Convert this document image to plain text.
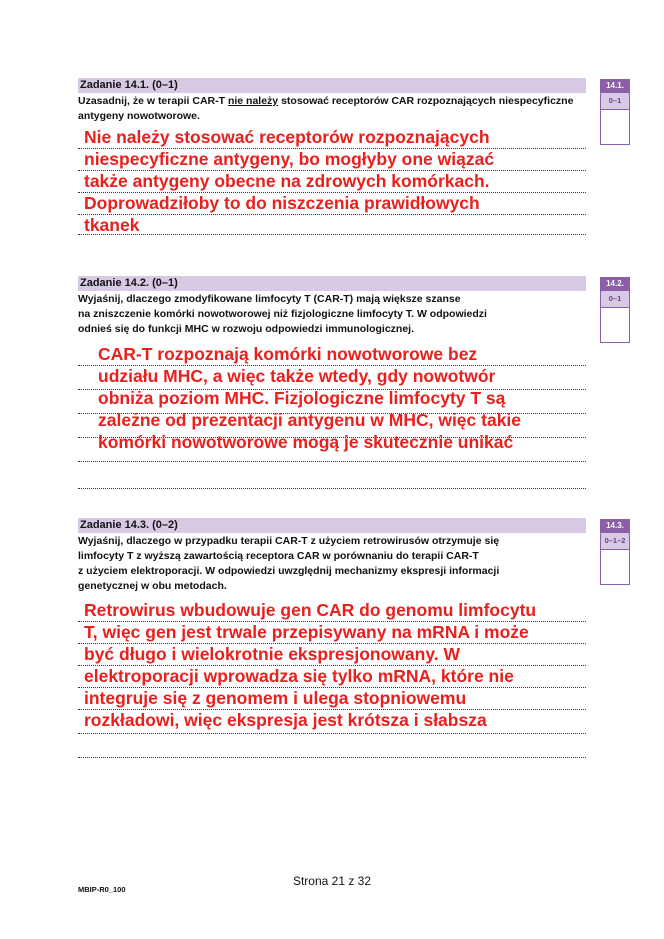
Zadanie 14.1. (0–1)
Uzasadnij, że w terapii CAR-T nie należy stosować receptorów CAR rozpoznających niespecyficzne antygeny nowotworowe.
Nie należy stosować receptorów rozpoznających
niespecyficzne antygeny, bo mogłyby one wiązać
także antygeny obecne na zdrowych komórkach.
Doprowadziłoby to do niszczenia prawidłowych
tkanek
14.1.
0–1
Zadanie 14.2. (0–1)
Wyjaśnij, dlaczego zmodyfikowane limfocyty T (CAR-T) mają większe szanse
na zniszczenie komórki nowotworowej niż fizjologiczne limfocyty T. W odpowiedzi
odnieś się do funkcji MHC w rozwoju odpowiedzi immunologicznej.
CAR-T rozpoznają komórki nowotworowe bez
udziału MHC, a więc także wtedy, gdy nowotwór
obniża poziom MHC. Fizjologiczne limfocyty T są
zależne od prezentacji antygenu w MHC, więc takie
komórki nowotworowe mogą je skutecznie unikać
14.2.
0–1
Zadanie 14.3. (0–2)
Wyjaśnij, dlaczego w przypadku terapii CAR-T z użyciem retrowirusów otrzymuje się
limfocyty T z wyższą zawartością receptora CAR w porównaniu do terapii CAR-T
z użyciem elektroporacji. W odpowiedzi uwzględnij mechanizmy ekspresji informacji
genetycznej w obu metodach.
Retrowirus wbudowuje gen CAR do genomu limfocytu
T, więc gen jest trwale przepisywany na mRNA i może
być długo i wielokrotnie ekspresjonowany. W
elektroporacji wprowadza się tylko mRNA, które nie
integruje się z genomem i ulega stopniowemu
rozkładowi, więc ekspresja jest krótsza i słabsza
14.3.
0–1–2
Strona 21 z 32
MBIP-R0_100
